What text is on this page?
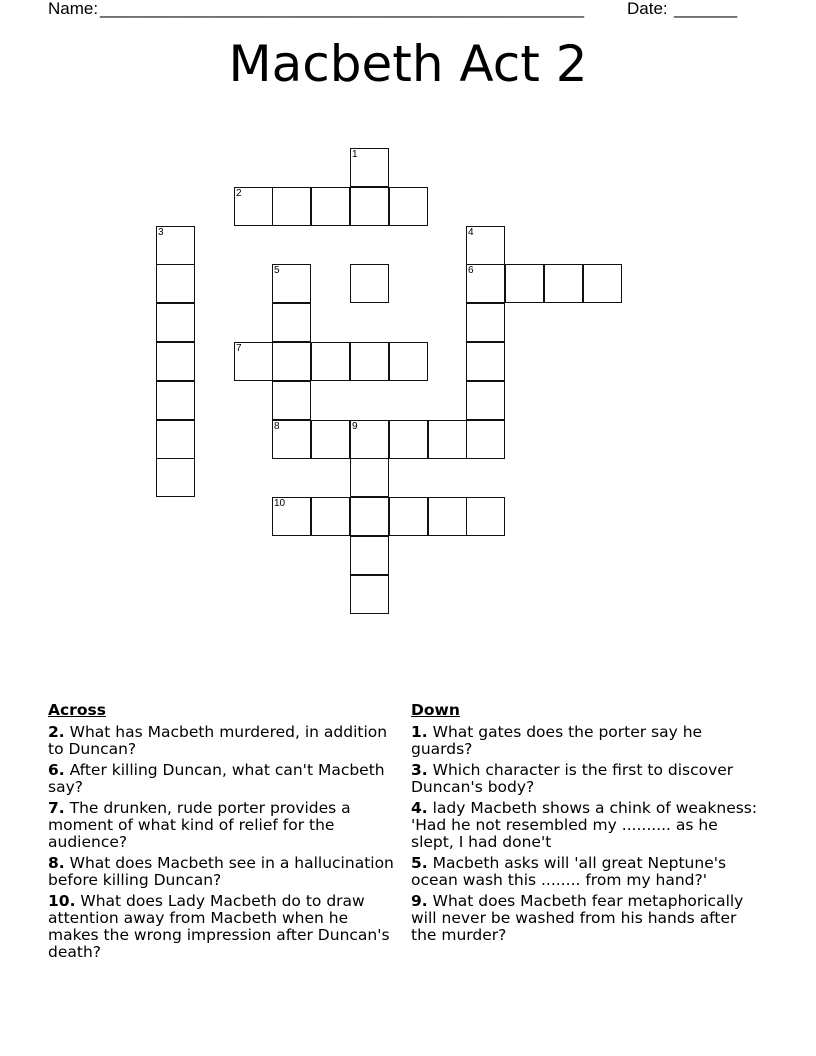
Name: ______________________________________________________	Date: _______
Macbeth Act 2
1
2
3	4
5	6
7
8	9
10
Across
2. What has Macbeth murdered, in addition to Duncan?
6. After killing Duncan, what can't Macbeth say?
7. The drunken, rude porter provides a moment of what kind of relief for the audience?
8. What does Macbeth see in a hallucination before killing Duncan?
10. What does Lady Macbeth do to draw attention away from Macbeth when he makes the wrong impression after Duncan's death?
Down
1. What gates does the porter say he guards?
3. Which character is the first to discover Duncan's body?
4. lady Macbeth shows a chink of weakness: 'Had he not resembled my .......... as he slept, I had done't
5. Macbeth asks will 'all great Neptune's ocean wash this ........ from my hand?'
9. What does Macbeth fear metaphorically will never be washed from his hands after the murder?
